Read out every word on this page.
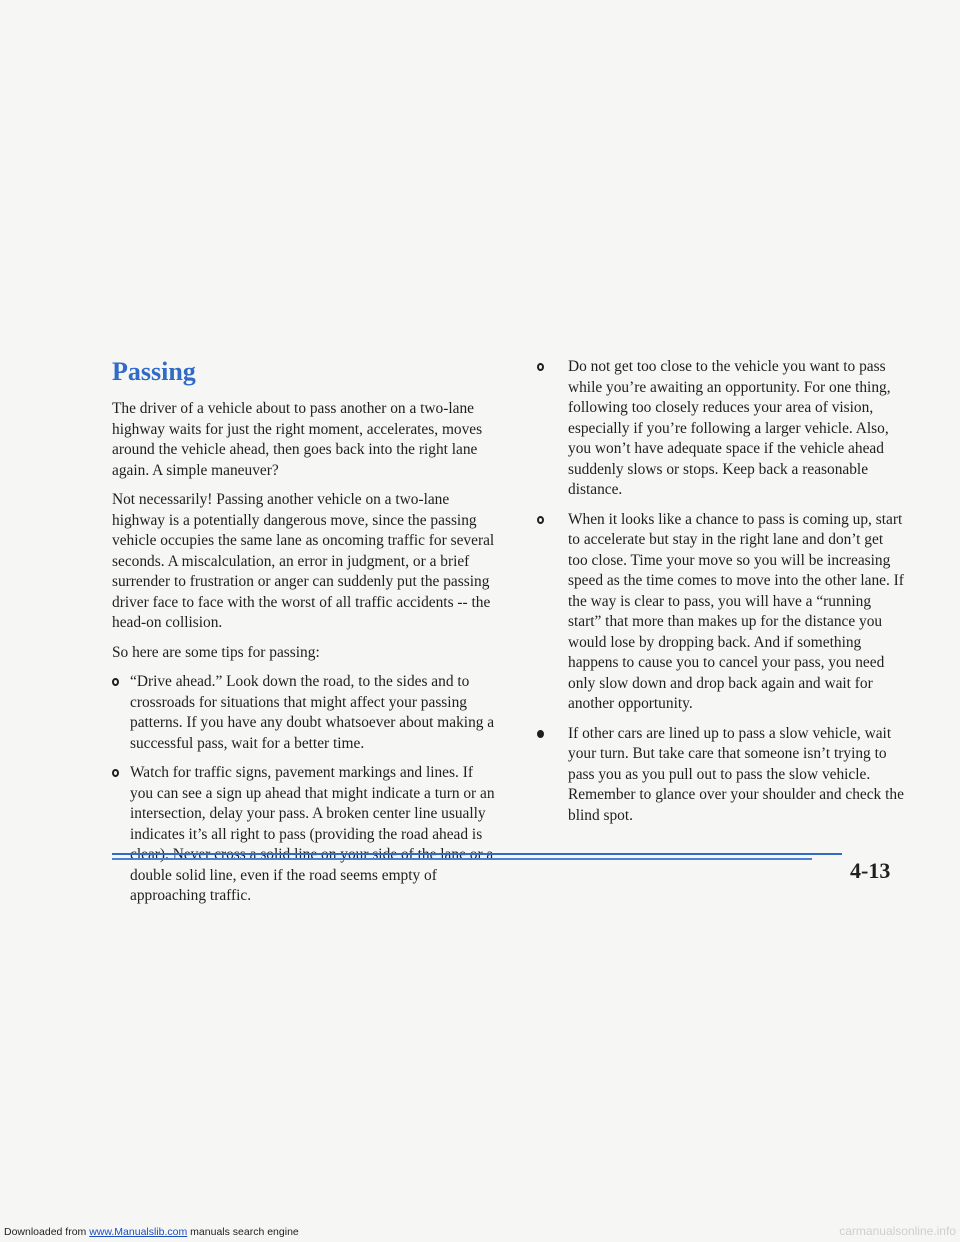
Passing

The driver of a vehicle about to pass another on a two-lane highway waits for just the right moment, accelerates, moves around the vehicle ahead, then goes back into the right lane again. A simple maneuver?

Not necessarily! Passing another vehicle on a two-lane highway is a potentially dangerous move, since the passing vehicle occupies the same lane as oncoming traffic for several seconds. A miscalculation, an error in judgment, or a brief surrender to frustration or anger can suddenly put the passing driver face to face with the worst of all traffic accidents -- the head-on collision.

So here are some tips for passing:

“Drive ahead.” Look down the road, to the sides and to crossroads for situations that might affect your passing patterns. If you have any doubt whatsoever about making a successful pass, wait for a better time.
Watch for traffic signs, pavement markings and lines. If you can see a sign up ahead that might indicate a turn or an intersection, delay your pass. A broken center line usually indicates it’s all right to pass (providing the road ahead is double solid line, even if the road seems empty of approaching traffic.
Do not get too close to the vehicle you want to pass while you’re awaiting an opportunity. For one thing, following too closely reduces your area of vision, especially if you’re following a larger vehicle. Also, you won’t have adequate space if the vehicle ahead suddenly slows or stops. Keep back a reasonable distance.
When it looks like a chance to pass is coming up, start to accelerate but stay in the right lane and don’t get too close. Time your move so you will be increasing speed as the time comes to move into the other lane. If the way is clear to pass, you will have a “running start” that more than makes up for the distance you would lose by dropping back. And if something happens to cause you to cancel your pass, you need only slow down and drop back again and wait for another opportunity.
If other cars are lined up to pass a slow vehicle, wait your turn. But take care that someone isn’t trying to pass you as you pull out to pass the slow vehicle. Remember to glance over your shoulder and check the blind spot.
4-13
Downloaded from www.Manualslib.com manuals search engine	carmanualsonline.info
